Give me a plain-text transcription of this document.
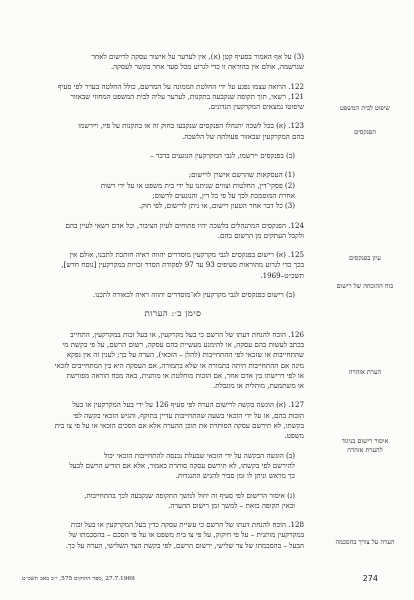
(3) על אף האמור בסעיף קטן (א), אין לערער על אישור עסקה לרישום לאחר

שנרשמה, אולם אין בהוראה זו כדי לגרוע מכל סעד אחר בקשר לעסקה.

122. הרואה עצמו נפגע על ידי החלטת הממונה על המרשם, כולל החלטה בערר לפי סעיף

121, רשאי, תוך תקופה שנקבעה בתקנות, לערער עליה לבית המשפט המחוזי שבאזור

שיפוטו נמצאים המקרקעין הנדונים.

123. (א) בכל לשכה יתנהלו הפנקסים שנקבעו בחוק זה או בתקנות על פיו, ויירשמו

בהם המקרקעין שבאזור פעולתה של הלשכה.

(ב) בפנקסים יירשמו, לגבי המקרקעין הנוגעים בדבר –

(1) העסקאות שהרשם אישרן לרישום;

(2) פסקי־דין, החלטות וצווים שניתנו על ידי בית משפט או על ידי רשות

אחרת המוסמכת לכך על פי כל דין, והנוגעים לרשום;

(3) כל דבר אחר הטעון רישום, או ניתן לרישום, לפי חוק.

124. הפנקסים המתנהלים בלשכה יהיו פתוחים לעיון הציבור, וכל אדם רשאי לעיין בהם

ולקבל העתקים מן הרשום בהם.

125. (א) רישום בפנקסים לגבי מקרקעין מוסדרים יהווה ראיה חותכת לתכנו, אולם אין

בכך כדי לגרוע מהוראות סעיפים 93 עד 97 לפקודת הסדר זכויות במקרקעין [נוסח חדש],

תשכ״ט–1969.

(ב) רישום בפנקסים לגבי מקרקעין לא־מוסדרים יהווה ראיה לכאורה לתכנו.

סימן ב׳: הערות

126. הוכח להנחת דעתו של הרשם כי בעל מקרקעין, או בעל זכות במקרקעין, התחייב

בכתב לעשות בהם עסקה, או להימנע מעשיית בהם עסקה, רשום הרשם, על פי בקשת מי

שהתחייבות או שזכאי לפי ההתחייבות (להלן – הזכאי), הערה על כך; לענין זה אין נפקא

מינה אם ההתחייבות היתה בתמורה או שלא בתמורה, אם העסקה היא בין המתחייבים לזכאי

או לפי דרישתו בין אדם אחר, אם הזכות מוחלטת או מותנית, באה מכח הוראה מפורשת

או משתמעת, מותלית או מוגבלת.

127. (א) הוגשה בקשה לרישום הערה לפי סעיף 126 על ידי בעל המקרקעין או בעל

הזכות בהם, או על ידי הזכאי בשעה שהתחייבות עדיין בתוקף, והגיש הזכאי בקשה לפי

בקשתו, לא תירשם עסקה הסותרת את תוכן ההערה אלא אם הסכים הזכאי או על פי צו בית

משפט.

(ב) הוגשה הבקשה על ידי הזכאי שבעלת נכנסה להתחייבות הזכאי יכול

להירשם לפי בקשתו, לא תירשם עסקה סותרת כאמור, אלא אם הודיע הרשם לבעל

כך מראש וניתן לו זמן סביר להגיש התנגדות.

(ג) איסור הרישום לפי סעיף זה יחול למשך התקופה שנקבעה לכך בהתחייבות,

ובאין תקופה כזאת – למשך זמן רישום ההערה.

128. הוכח להנחת דעתו של הרשם כי עשיית עסקה כדין בעל המקרקעין או בעל זכות

במקרקעין מותנית – על פי חיקוק, על פי צו בית משפט או על פי הסכם – בהסכמתו של

הבעל – בהסכמתו של צד שלישי, ירשום הרשם, לפי בקשת הצד השלישי, הערה על כך.

שיפוט לבית המשפט
הפנקסים
עיון בפנקסים
כוח ההוכחה של רישום
הערת אזהרה
איסור רישום בניגוד להערת אזהרה
הערה על צורך בהסכמה
27.7.1969 ,ספר החוקים 575, י״ב באב תשכ״ט	274
